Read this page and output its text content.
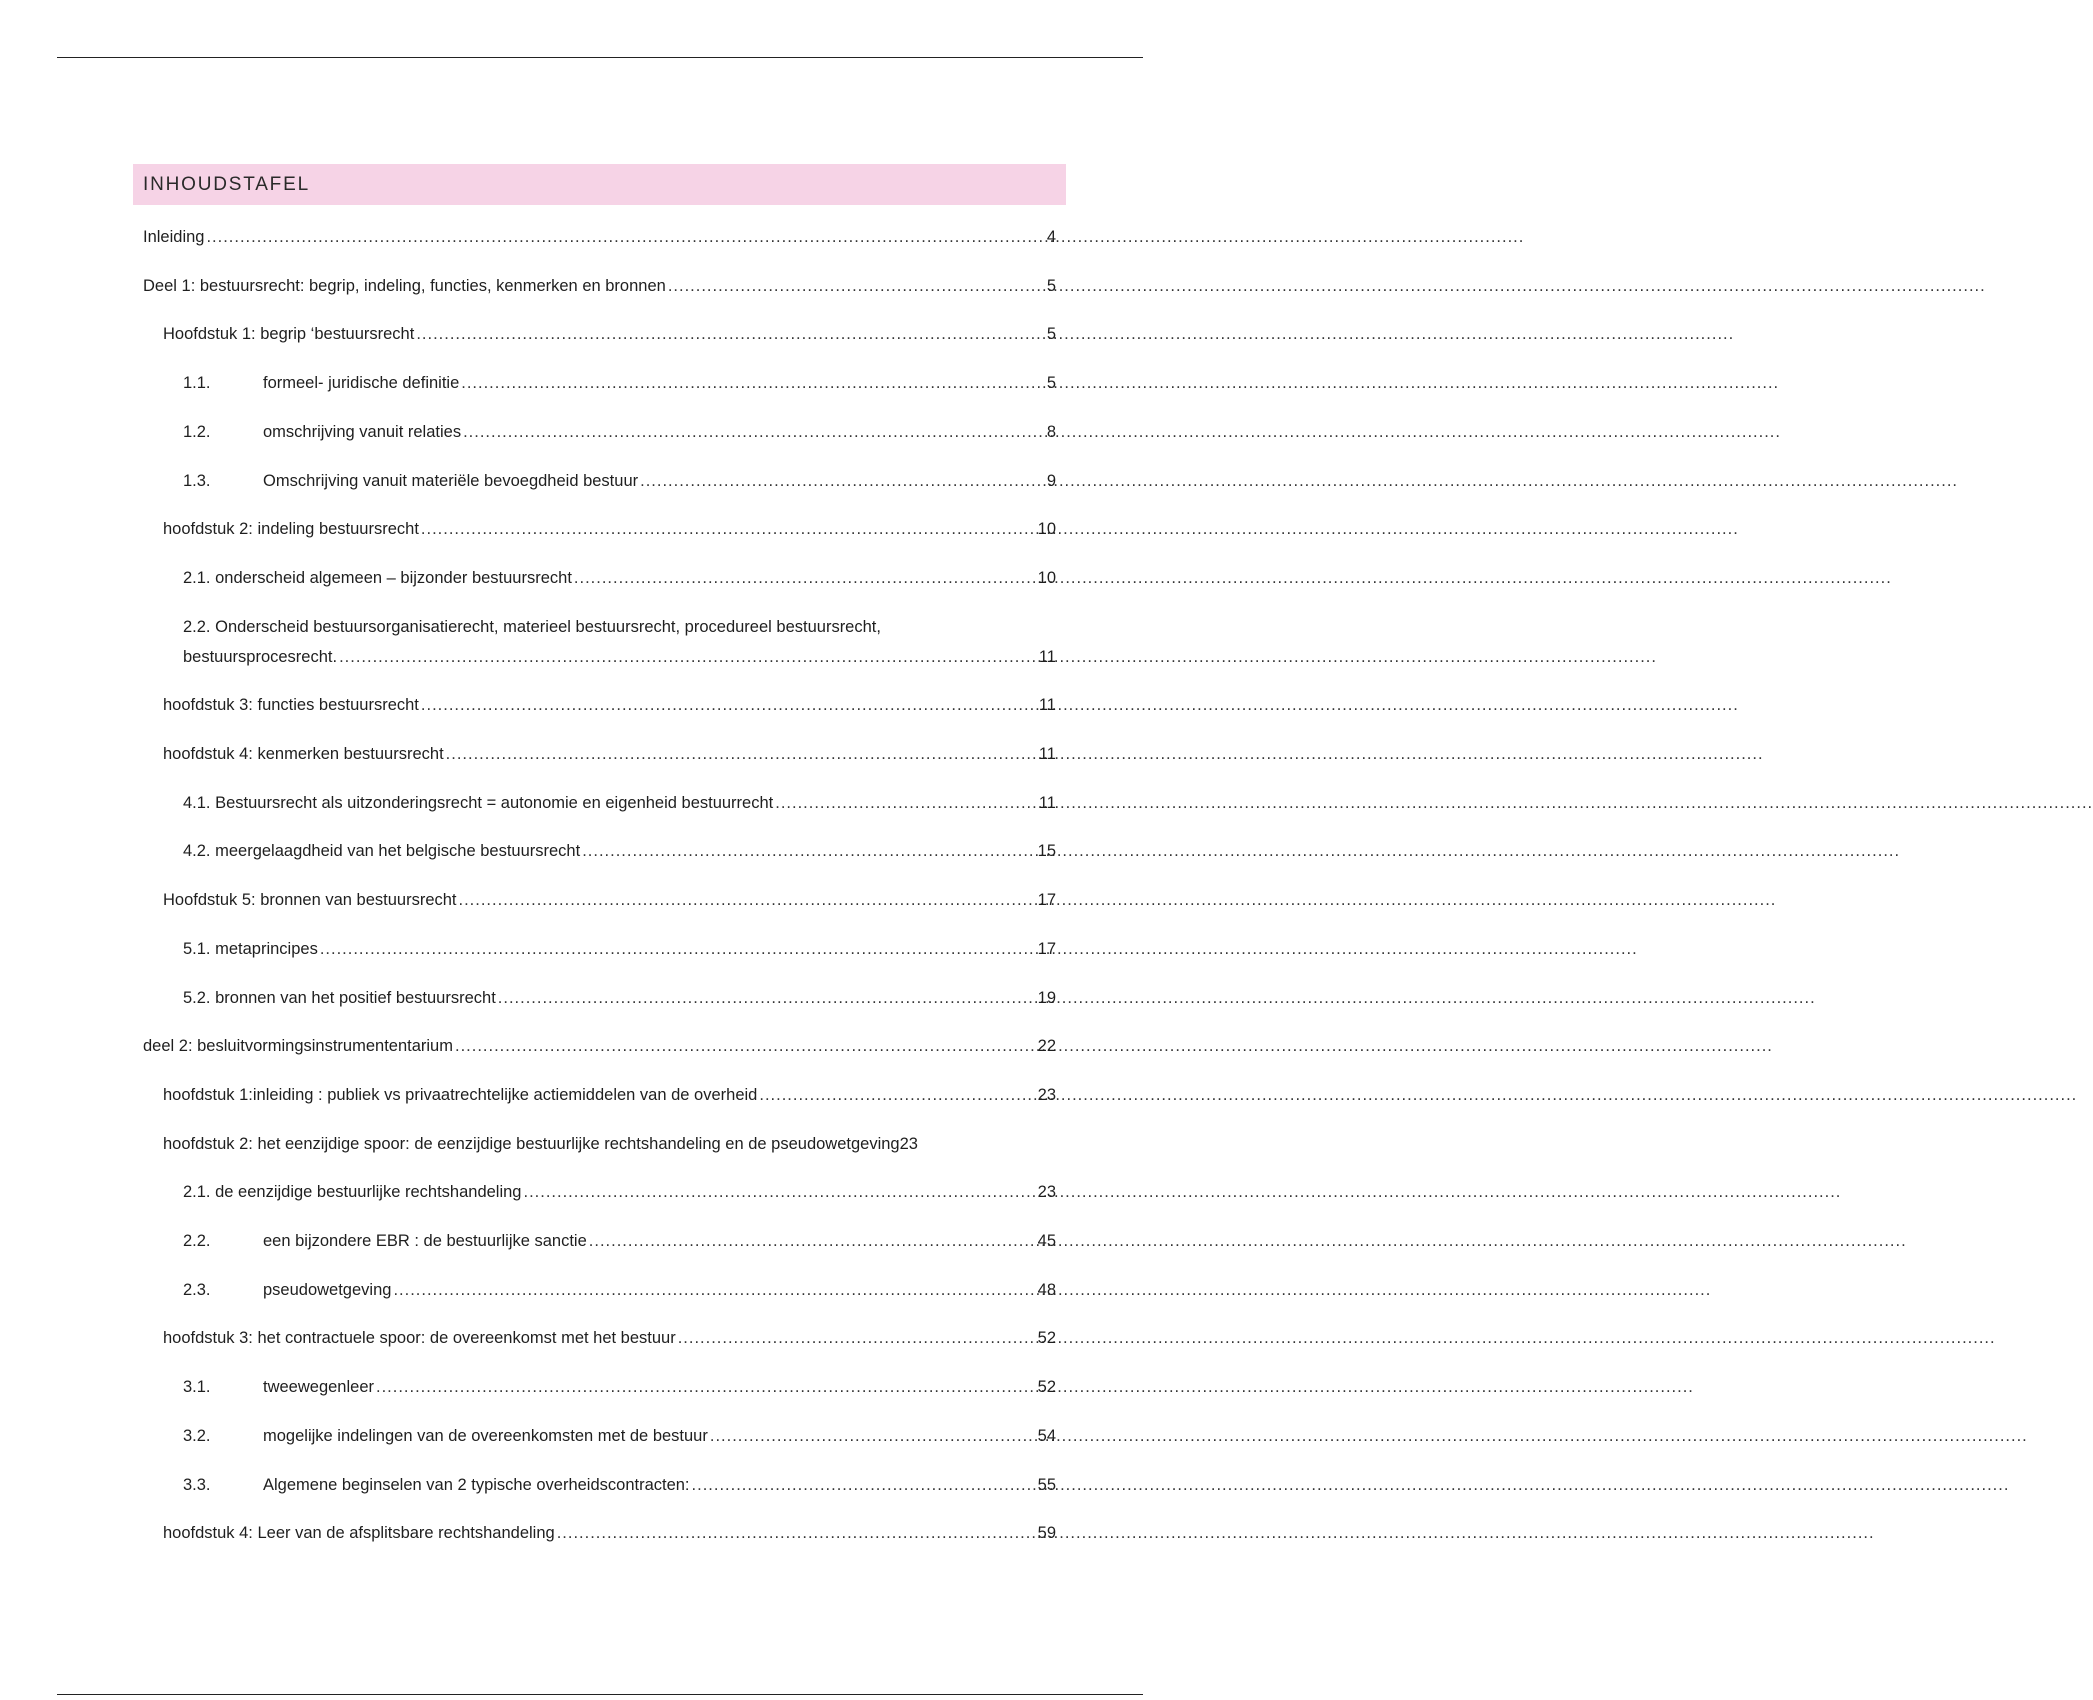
INHOUDSTAFEL
Inleiding .....	4
Deel 1: bestuursrecht: begrip, indeling, functies, kenmerken en bronnen .....	5
Hoofdstuk 1: begrip ‘bestuursrecht .....	5
1.1.	formeel- juridische definitie .....	5
1.2.	omschrijving vanuit relaties .....	8
1.3.	Omschrijving vanuit materiële bevoegdheid bestuur .....	9
hoofdstuk 2: indeling bestuursrecht .....	10
2.1. onderscheid algemeen – bijzonder bestuursrecht .....	10
2.2. Onderscheid bestuursorganisatierecht, materieel bestuursrecht, procedureel bestuursrecht,
bestuursprocesrecht. .....	11
hoofdstuk 3: functies bestuursrecht .....	11
hoofdstuk 4: kenmerken bestuursrecht .....	11
4.1. Bestuursrecht als uitzonderingsrecht = autonomie en eigenheid bestuurrecht .....	11
4.2. meergelaagdheid van het belgische bestuursrecht .....	15
Hoofdstuk 5: bronnen van bestuursrecht .....	17
5.1. metaprincipes .....	17
5.2. bronnen van het positief bestuursrecht .....	19
deel 2: besluitvormingsinstrumententarium .....	22
hoofdstuk 1:inleiding : publiek vs privaatrechtelijke actiemiddelen van de overheid .....	23
hoofdstuk 2: het eenzijdige spoor: de eenzijdige bestuurlijke rechtshandeling en de pseudowetgeving 23
2.1. de eenzijdige bestuurlijke rechtshandeling .....	23
2.2.	een bijzondere EBR : de bestuurlijke sanctie .....	45
2.3.	pseudowetgeving .....	48
hoofdstuk 3: het contractuele spoor: de overeenkomst met het bestuur .....	52
3.1.	tweewegenleer .....	52
3.2.	mogelijke indelingen van de overeenkomsten met de bestuur .....	54
3.3.	Algemene beginselen van 2 typische overheidscontracten: .....	55
hoofdstuk 4: Leer van de afsplitsbare rechtshandeling .....	59
